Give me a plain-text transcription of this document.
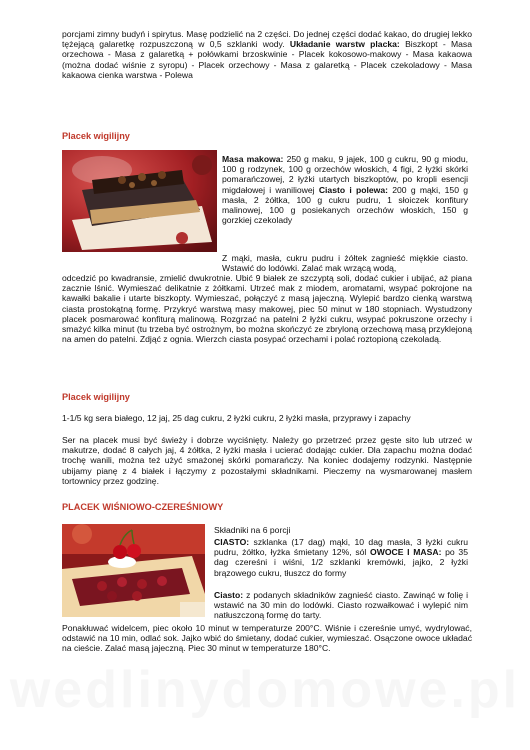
porcjami zimny budyń i spirytus. Masę podzielić na 2 części. Do jednej części dodać kakao, do drugiej lekko tężejącą galaretkę rozpuszczoną w 0,5 szklanki wody. Układanie warstw placka: Biszkopt - Masa orzechowa - Masa z galaretką + połówkami brzoskwinie - Placek kokosowo-makowy - Masa kakaowa (można dodać wiśnie z syropu) - Placek orzechowy - Masa z galaretką - Placek czekoladowy - Masa kakaowa cienka warstwa - Polewa

Placek wigilijny

Masa makowa: 250 g maku, 9 jajek, 100 g cukru, 90 g miodu, 100 g rodzynek, 100 g orzechów włoskich, 4 figi, 2 łyżki skórki pomarańczowej, 2 łyżki utartych biszkoptów, po kropli esencji migdałowej i waniliowej Ciasto i polewa: 200 g mąki, 150 g masła, 2 żółtka, 100 g cukru pudru, 1 słoiczek konfitury malinowej, 100 g posiekanych orzechów włoskich, 150 g gorzkiej czekolady

Z mąki, masła, cukru pudru i żółtek zagnieść miękkie ciasto. Wstawić do lodówki. Zalać mak wrzącą wodą,

odcedzić po kwadransie, zmielić dwukrotnie. Ubić 9 białek ze szczyptą soli, dodać cukier i ubijać, aż piana zacznie lśnić. Wymieszać delikatnie z żółtkami. Utrzeć mak z miodem, aromatami, wsypać pokrojone na kawałki bakalie i utarte biszkopty. Wymieszać, połączyć z masą jajeczną. Wylepić bardzo cienką warstwą ciasta prostokątną formę. Przykryć warstwą masy makowej, piec 50 minut w 180 stopniach. Wystudzony placek posmarować konfiturą malinową. Rozgrzać na patelni 2 łyżki cukru, wsypać pokruszone orzechy i smażyć kilka minut (tu trzeba być ostrożnym, bo można skończyć ze zbryloną orzechową masą przyklejoną na amen do patelni. Zdjąć z ognia. Wierzch ciasta posypać orzechami i polać roztopioną czekoladą.

Placek wigilijny

1-1/5 kg sera białego, 12 jaj, 25 dag cukru, 2 łyżki cukru, 2 łyżki masła, przyprawy i zapachy

Ser na placek musi być świeży i dobrze wyciśnięty. Należy go przetrzeć przez gęste sito lub utrzeć w makutrze, dodać 8 całych jaj, 4 żółtka, 2 łyżki masła i ucierać dodając cukier. Dla zapachu można dodać trochę wanili, można też użyć smażonej skórki pomarańczy. Na koniec dodajemy rodzynki. Następnie ubijamy pianę z 4 białek i łączymy z pozostałymi składnikami. Pieczemy na wysmarowanej masłem tortownicy przez godzinę.

PLACEK WIŚNIOWO-CZEREŚNIOWY

Składniki na 6 porcji

CIASTO: szklanka (17 dag) mąki, 10 dag masła, 3 łyżki cukru pudru, żółtko, łyżka śmietany 12%, sól OWOCE I MASA: po 35 dag czereśni i wiśni, 1/2 szklanki kremówki, jajko, 2 łyżki brązowego cukru, tłuszcz do formy

Ciasto: z podanych składników zagnieść ciasto. Zawinąć w folię i wstawić na 30 min do lodówki. Ciasto rozwałkować i wylepić nim natłuszczoną formę do tarty.

Ponakłuwać widelcem, piec około 10 minut w temperaturze 200°C. Wiśnie i czereśnie umyć, wydrylować, odstawić na 10 min, odlać sok. Jajko wbić do śmietany, dodać cukier, wymieszać. Osączone owoce układać na cieście. Zalać masą jajeczną. Piec 30 minut w temperaturze 180°C.

wedlinydomowe.pl
